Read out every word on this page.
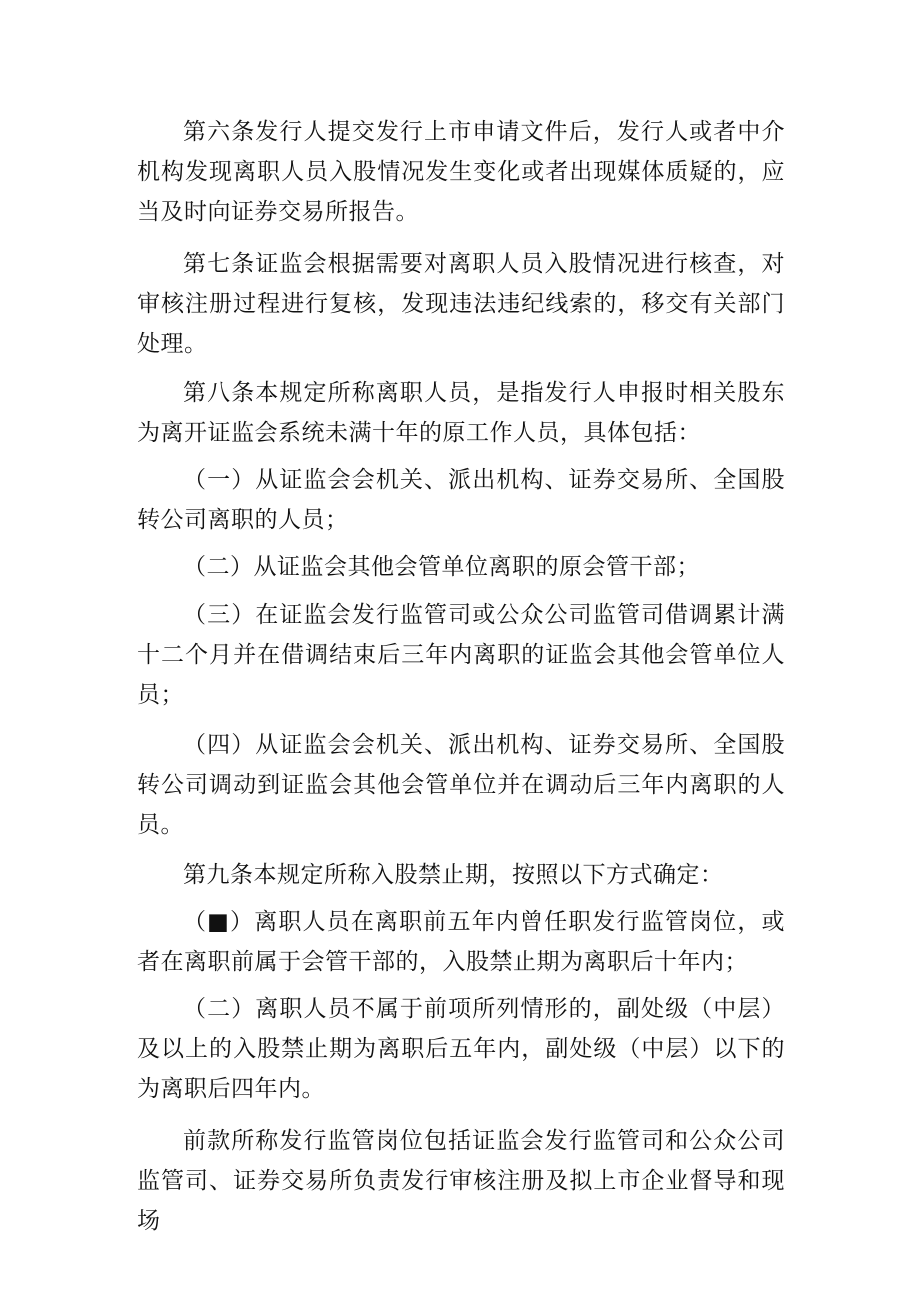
第六条发行人提交发行上市申请文件后，发行人或者中介机构发现离职人员入股情况发生变化或者出现媒体质疑的，应当及时向证券交易所报告。

第七条证监会根据需要对离职人员入股情况进行核查，对审核注册过程进行复核，发现违法违纪线索的，移交有关部门处理。

第八条本规定所称离职人员，是指发行人申报时相关股东为离开证监会系统未满十年的原工作人员，具体包括：

（一）从证监会会机关、派出机构、证券交易所、全国股转公司离职的人员；

（二）从证监会其他会管单位离职的原会管干部；

（三）在证监会发行监管司或公众公司监管司借调累计满十二个月并在借调结束后三年内离职的证监会其他会管单位人员；

（四）从证监会会机关、派出机构、证券交易所、全国股转公司调动到证监会其他会管单位并在调动后三年内离职的人员。

第九条本规定所称入股禁止期，按照以下方式确定：

（■）离职人员在离职前五年内曾任职发行监管岗位，或者在离职前属于会管干部的，入股禁止期为离职后十年内；

（二）离职人员不属于前项所列情形的，副处级（中层）及以上的入股禁止期为离职后五年内，副处级（中层）以下的为离职后四年内。

前款所称发行监管岗位包括证监会发行监管司和公众公司监管司、证券交易所负责发行审核注册及拟上市企业督导和现场
